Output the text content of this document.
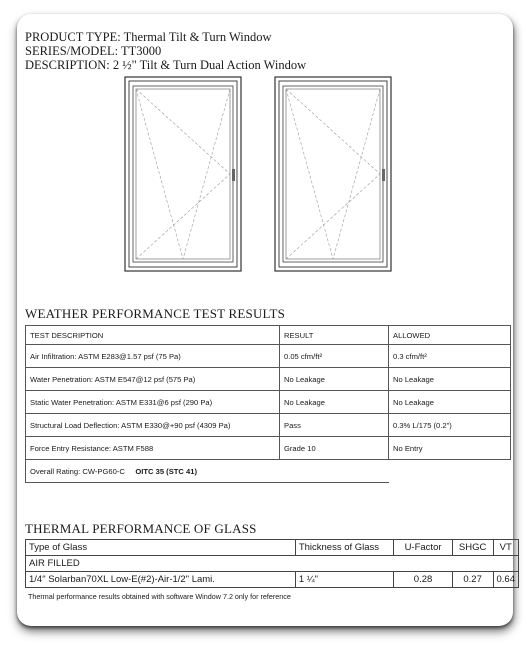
PRODUCT TYPE: Thermal Tilt & Turn Window
SERIES/MODEL: TT3000
DESCRIPTION: 2 ½" Tilt & Turn Dual Action Window
WEATHER PERFORMANCE TEST RESULTS
TEST DESCRIPTION	RESULT	ALLOWED
Air Infiltration: ASTM E283@1.57 psf (75 Pa)	0.05 cfm/ft²	0.3 cfm/ft²
Water Penetration: ASTM E547@12 psf (575 Pa)	No Leakage	No Leakage
Static Water Penetration: ASTM E331@6 psf (290 Pa)	No Leakage	No Leakage
Structural Load Deflection: ASTM E330@+90 psf (4309 Pa)	Pass	0.3% L/175 (0.2")
Force Entry Resistance: ASTM F588	Grade 10	No Entry
Overall Rating: CW-PG60-C OITC 35 (STC 41)		
THERMAL PERFORMANCE OF GLASS
Type of Glass	Thickness of Glass	U-Factor	SHGC	VT
AIR FILLED				
1/4" Solarban70XL Low-E(#2)-Air-1/2" Lami.	1 ¼"	0.28	0.27	0.64
Thermal performance results obtained with software Window 7.2 only for reference
